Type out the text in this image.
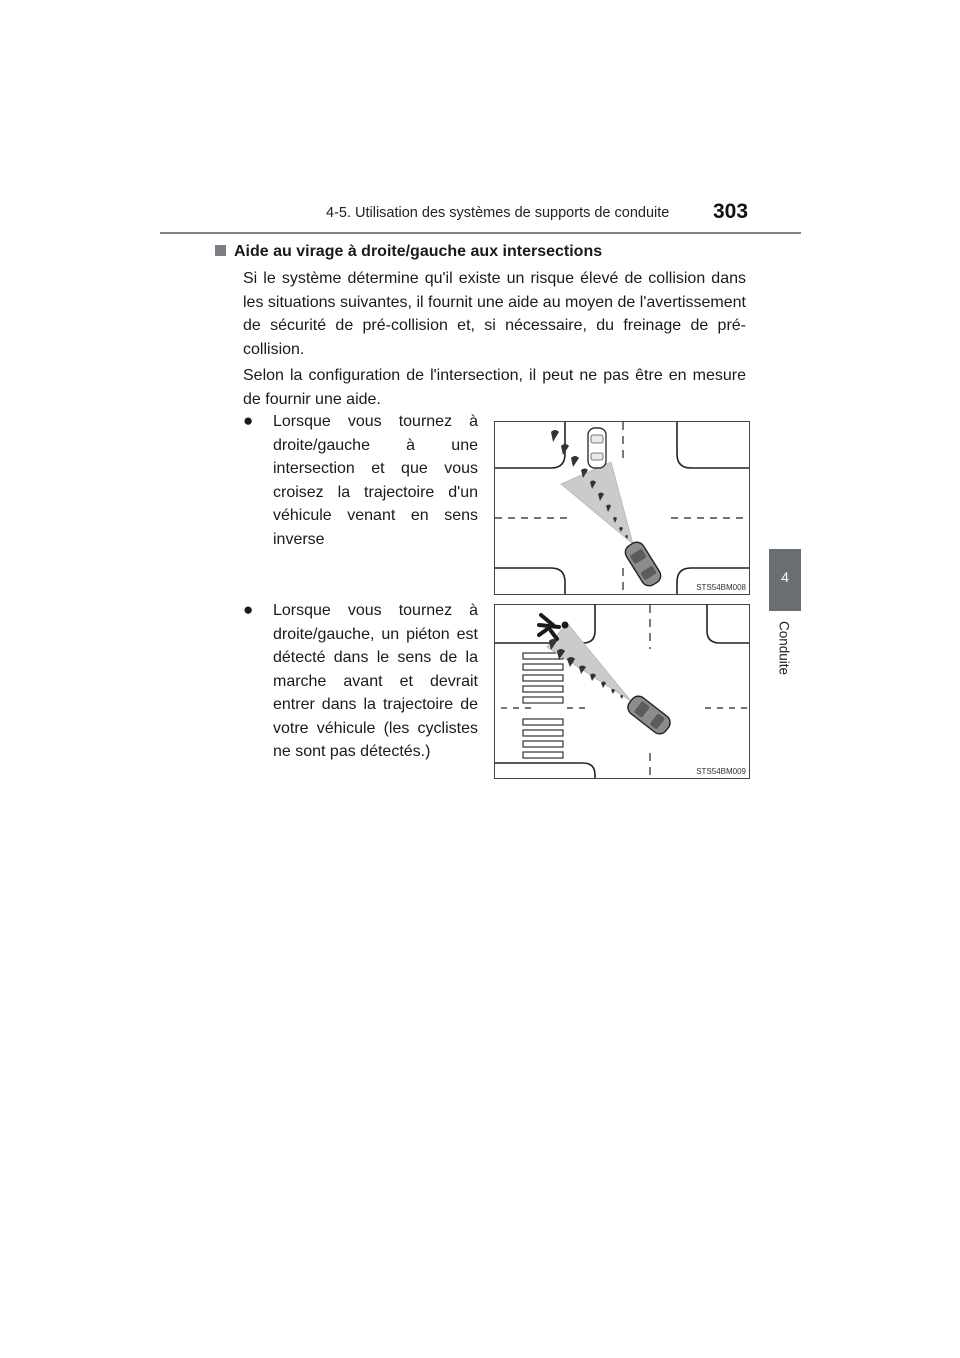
4-5. Utilisation des systèmes de supports de conduite 303
4
Conduite
Aide au virage à droite/gauche aux intersections

Si le système détermine qu'il existe un risque élevé de collision dans les situations suivantes, il fournit une aide au moyen de l'avertissement de sécurité de pré-collision et, si nécessaire, du freinage de pré-collision.

Selon la configuration de l'intersection, il peut ne pas être en mesure de fournir une aide.

● Lorsque vous tournez à droite/gauche à une intersection et que vous croisez la trajectoire d'un véhicule venant en sens inverse

STS54BM008
● Lorsque vous tournez à droite/gauche, un piéton est détecté dans le sens de la marche avant et devrait entrer dans la trajectoire de votre véhicule (les cyclistes ne sont pas détectés.)

STS54BM009
